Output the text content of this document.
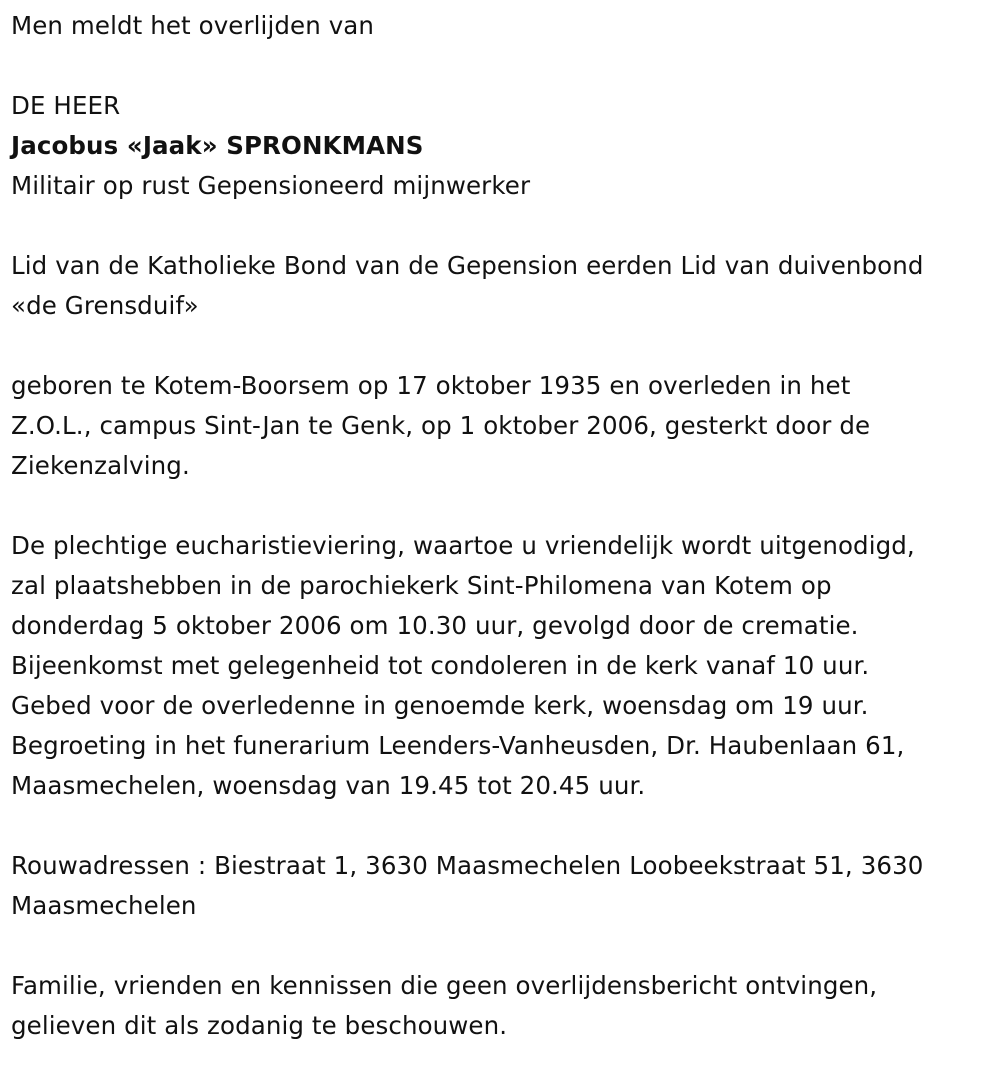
Men meldt het overlijden van

DE HEER

Jacobus «Jaak» SPRONKMANS

Militair op rust Gepensioneerd mijnwerker

Lid van de Katholieke Bond van de Gepension eerden Lid van duivenbond

«de Grensduif»

geboren te Kotem-Boorsem op 17 oktober 1935 en overleden in het

Z.O.L., campus Sint-Jan te Genk, op 1 oktober 2006, gesterkt door de

Ziekenzalving.

De plechtige eucharistieviering, waartoe u vriendelijk wordt uitgenodigd,

zal plaatshebben in de parochiekerk Sint-Philomena van Kotem op

donderdag 5 oktober 2006 om 10.30 uur, gevolgd door de crematie.

Bijeenkomst met gelegenheid tot condoleren in de kerk vanaf 10 uur.

Gebed voor de overledenne in genoemde kerk, woensdag om 19 uur.

Begroeting in het funerarium Leenders-Vanheusden, Dr. Haubenlaan 61,

Maasmechelen, woensdag van 19.45 tot 20.45 uur.

Rouwadressen : Biestraat 1, 3630 Maasmechelen Loobeekstraat 51, 3630

Maasmechelen

Familie, vrienden en kennissen die geen overlijdensbericht ontvingen,

gelieven dit als zodanig te beschouwen.
